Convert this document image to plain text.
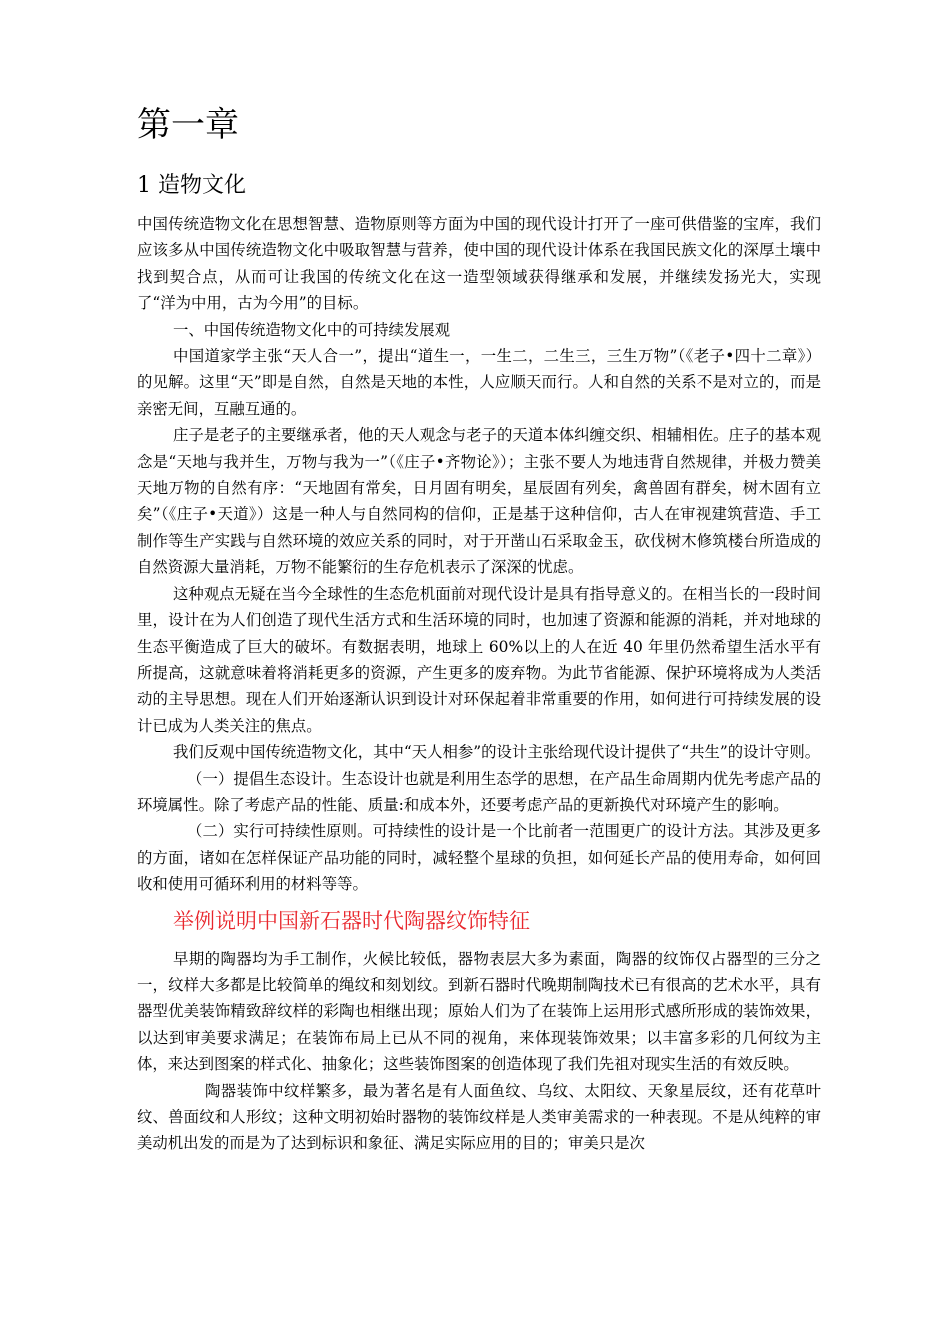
第一章
1 造物文化

中国传统造物文化在思想智慧、造物原则等方面为中国的现代设计打开了一座可供借鉴的宝库，我们应该多从中国传统造物文化中吸取智慧与营养，使中国的现代设计体系在我国民族文化的深厚土壤中找到契合点，从而可让我国的传统文化在这一造型领域获得继承和发展，并继续发扬光大，实现了“洋为中用，古为今用”的目标。

一、中国传统造物文化中的可持续发展观

中国道家学主张“天人合一”，提出“道生一，一生二，二生三，三生万物”（《老子•四十二章》）的见解。这里“天”即是自然，自然是天地的本性，人应顺天而行。人和自然的关系不是对立的，而是亲密无间，互融互通的。

庄子是老子的主要继承者，他的天人观念与老子的天道本体纠缠交织、相辅相佐。庄子的基本观念是“天地与我并生，万物与我为一”（《庄子•齐物论》）；主张不要人为地违背自然规律，并极力赞美天地万物的自然有序：“天地固有常矣，日月固有明矣，星辰固有列矣，禽兽固有群矣，树木固有立矣”（《庄子•天道》）这是一种人与自然同构的信仰，正是基于这种信仰，古人在审视建筑营造、手工制作等生产实践与自然环境的效应关系的同时，对于开凿山石采取金玉，砍伐树木修筑楼台所造成的自然资源大量消耗，万物不能繁衍的生存危机表示了深深的忧虑。

这种观点无疑在当今全球性的生态危机面前对现代设计是具有指导意义的。在相当长的一段时间里，设计在为人们创造了现代生活方式和生活环境的同时，也加速了资源和能源的消耗，并对地球的生态平衡造成了巨大的破坏。有数据表明，地球上 60%以上的人在近 40 年里仍然希望生活水平有所提高，这就意味着将消耗更多的资源，产生更多的废弃物。为此节省能源、保护环境将成为人类活动的主导思想。现在人们开始逐渐认识到设计对环保起着非常重要的作用，如何进行可持续发展的设计已成为人类关注的焦点。

我们反观中国传统造物文化，其中“天人相参”的设计主张给现代设计提供了“共生”的设计守则。

（一）提倡生态设计。生态设计也就是利用生态学的思想，在产品生命周期内优先考虑产品的环境属性。除了考虑产品的性能、质量:和成本外，还要考虑产品的更新换代对环境产生的影响。

（二）实行可持续性原则。可持续性的设计是一个比前者一范围更广的设计方法。其涉及更多的方面，诸如在怎样保证产品功能的同时，减轻整个星球的负担，如何延长产品的使用寿命，如何回收和使用可循环利用的材料等等。

举例说明中国新石器时代陶器纹饰特征

早期的陶器均为手工制作，火候比较低，器物表层大多为素面，陶器的纹饰仅占器型的三分之一，纹样大多都是比较简单的绳纹和刻划纹。到新石器时代晚期制陶技术已有很高的艺术水平，具有器型优美装饰精致辞纹样的彩陶也相继出现；原始人们为了在装饰上运用形式感所形成的装饰效果，以达到审美要求满足；在装饰布局上已从不同的视角，来体现装饰效果；以丰富多彩的几何纹为主体，来达到图案的样式化、抽象化；这些装饰图案的创造体现了我们先祖对现实生活的有效反映。

陶器装饰中纹样繁多，最为著名是有人面鱼纹、乌纹、太阳纹、天象星辰纹，还有花草叶纹、兽面纹和人形纹；这种文明初始时器物的装饰纹样是人类审美需求的一种表现。不是从纯粹的审美动机出发的而是为了达到标识和象征、满足实际应用的目的；审美只是次
